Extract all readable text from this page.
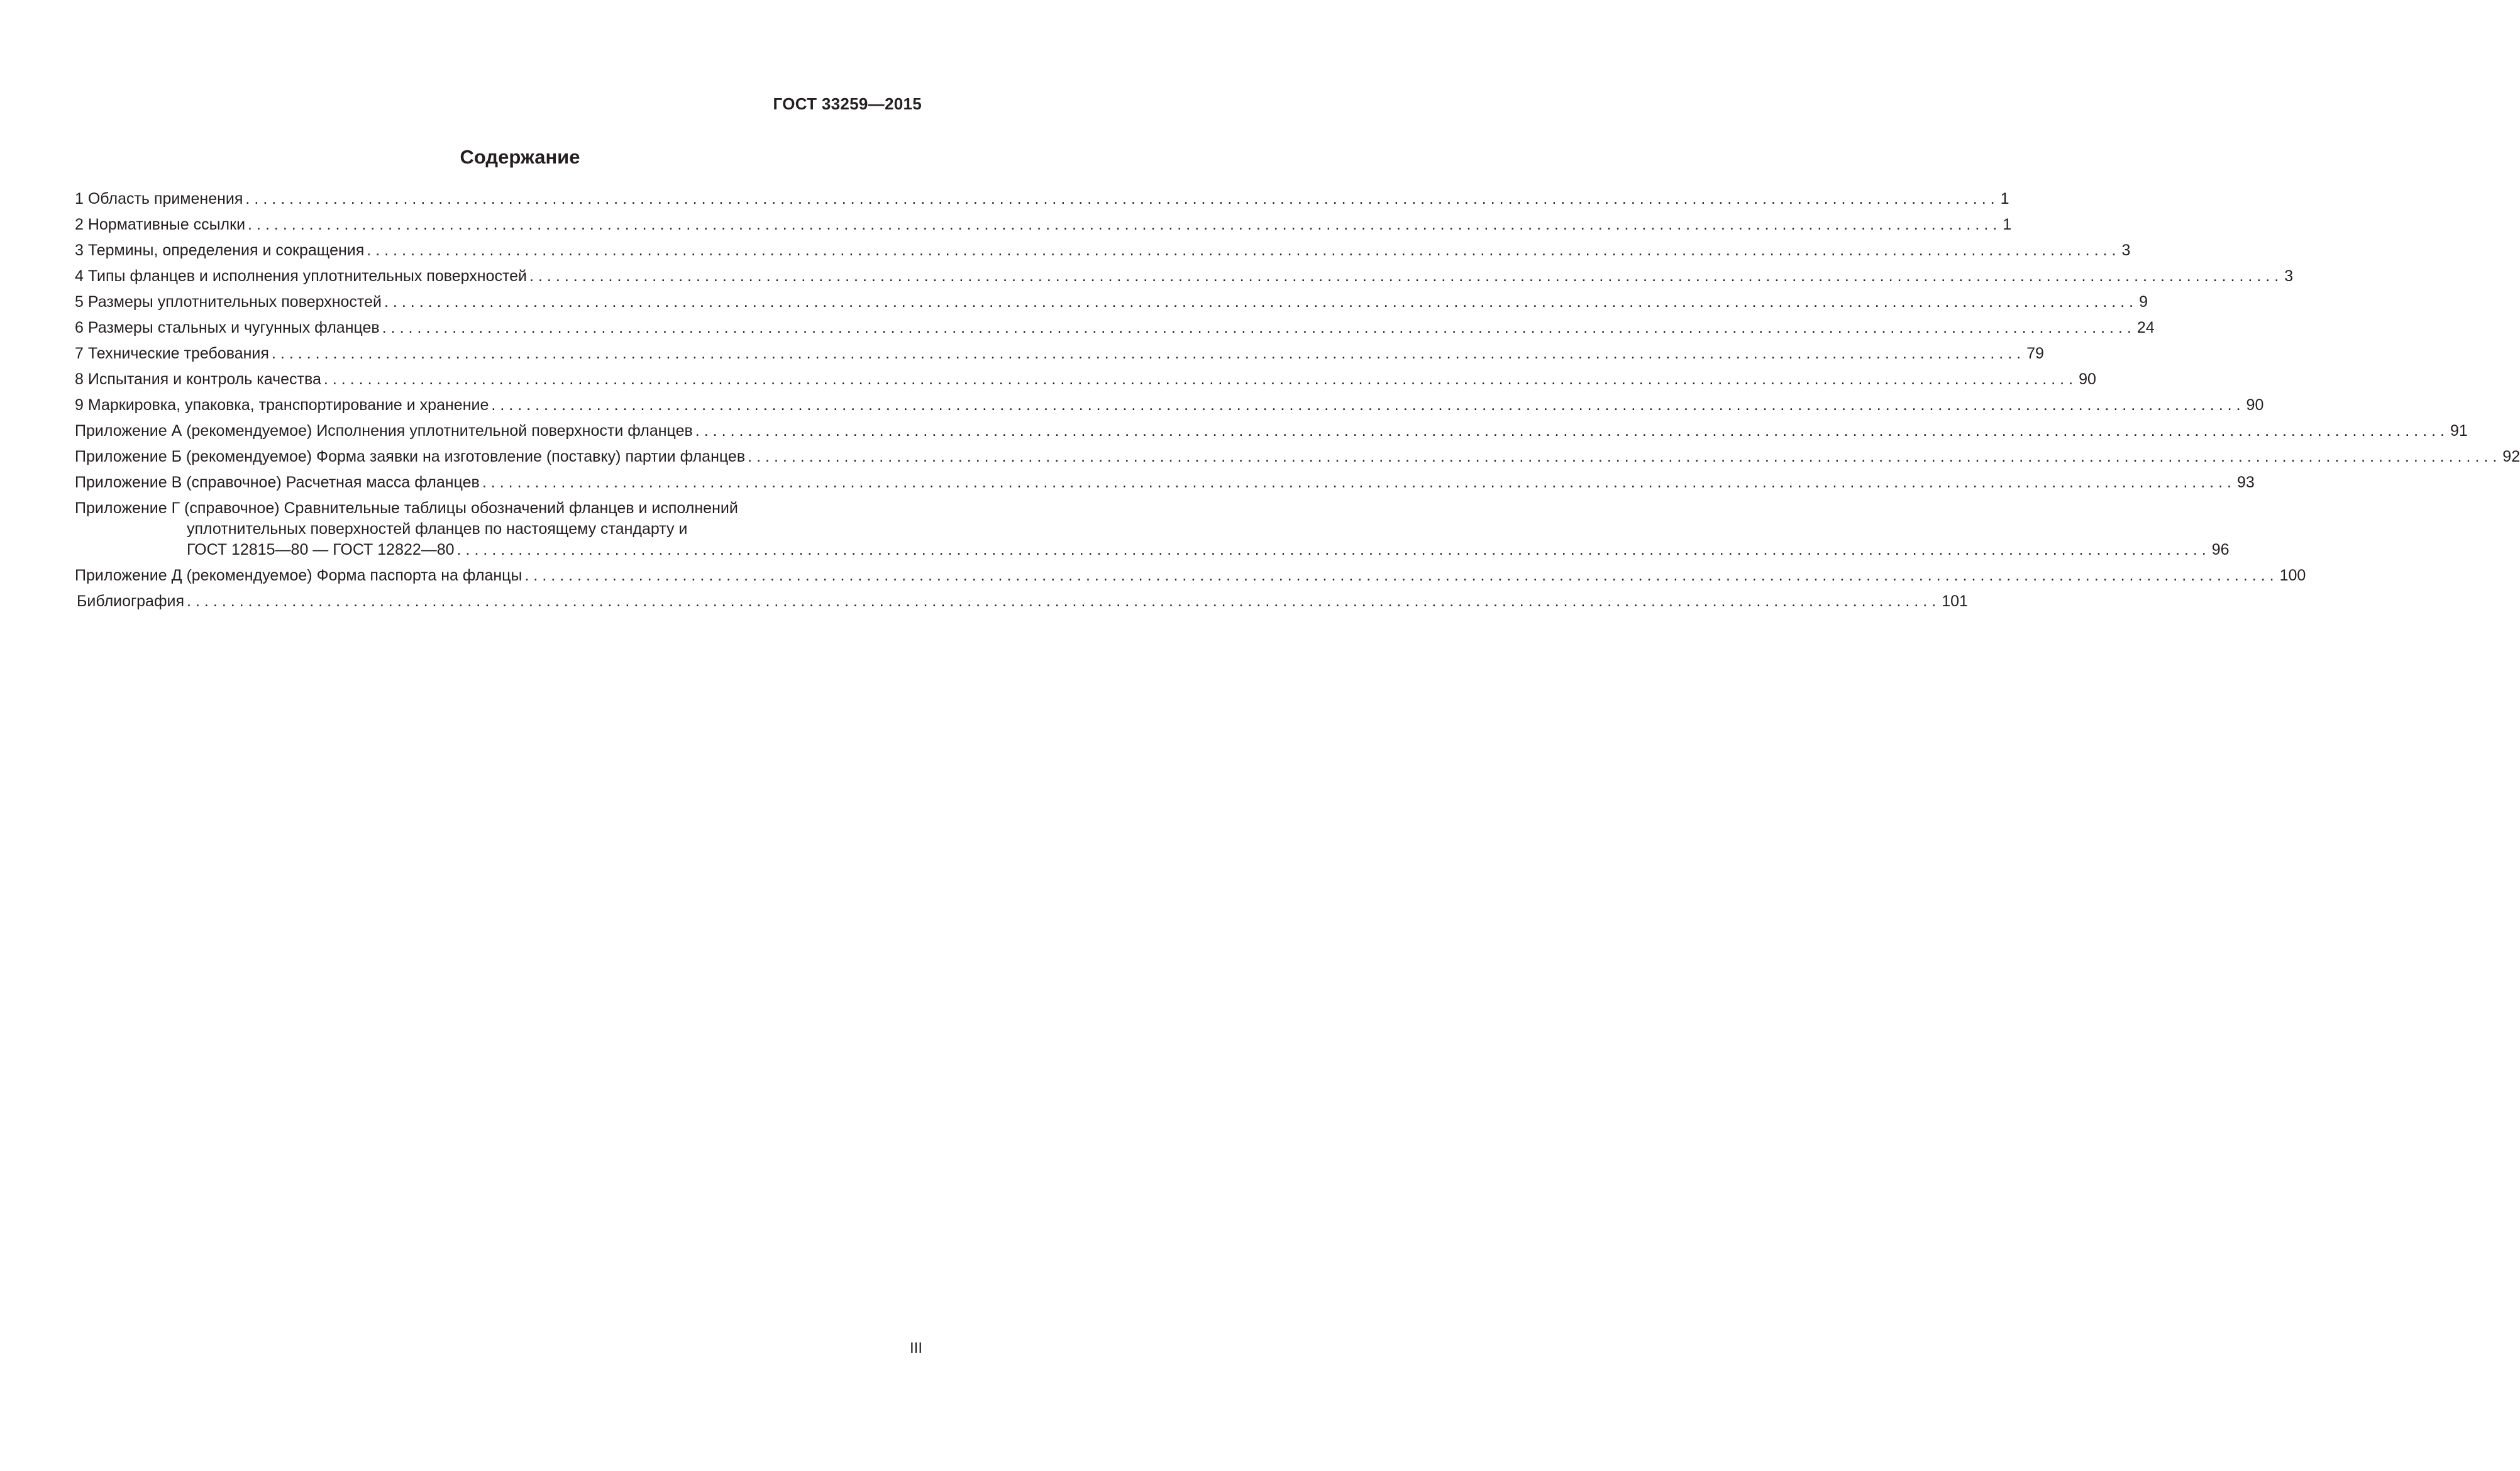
ГОСТ 33259—2015
Содержание
1 Область применения ........................................................................................................................................................................................................ 1
2 Нормативные ссылки ........................................................................................................................................................................................................ 1
3 Термины, определения и сокращения ........................................................................................................................................................................................................ 3
4 Типы фланцев и исполнения уплотнительных поверхностей ........................................................................................................................................................................................................ 3
5 Размеры уплотнительных поверхностей ........................................................................................................................................................................................................ 9
6 Размеры стальных и чугунных фланцев ........................................................................................................................................................................................................ 24
7 Технические требования ........................................................................................................................................................................................................ 79
8 Испытания и контроль качества ........................................................................................................................................................................................................ 90
9 Маркировка, упаковка, транспортирование и хранение ........................................................................................................................................................................................................ 90
Приложение А (рекомендуемое) Исполнения уплотнительной поверхности фланцев ........................................................................................................................................................................................................ 91
Приложение Б (рекомендуемое) Форма заявки на изготовление (поставку) партии фланцев ........................................................................................................................................................................................................ 92
Приложение В (справочное) Расчетная масса фланцев ........................................................................................................................................................................................................ 93
Приложение Г (справочное) Сравнительные таблицы обозначений фланцев и исполнений
уплотнительных поверхностей фланцев по настоящему стандарту и
ГОСТ 12815—80 — ГОСТ 12822—80 ........................................................................................................................................................................................................ 96
Приложение Д (рекомендуемое) Форма паспорта на фланцы ........................................................................................................................................................................................................ 100
Библиография ........................................................................................................................................................................................................ 101
III
